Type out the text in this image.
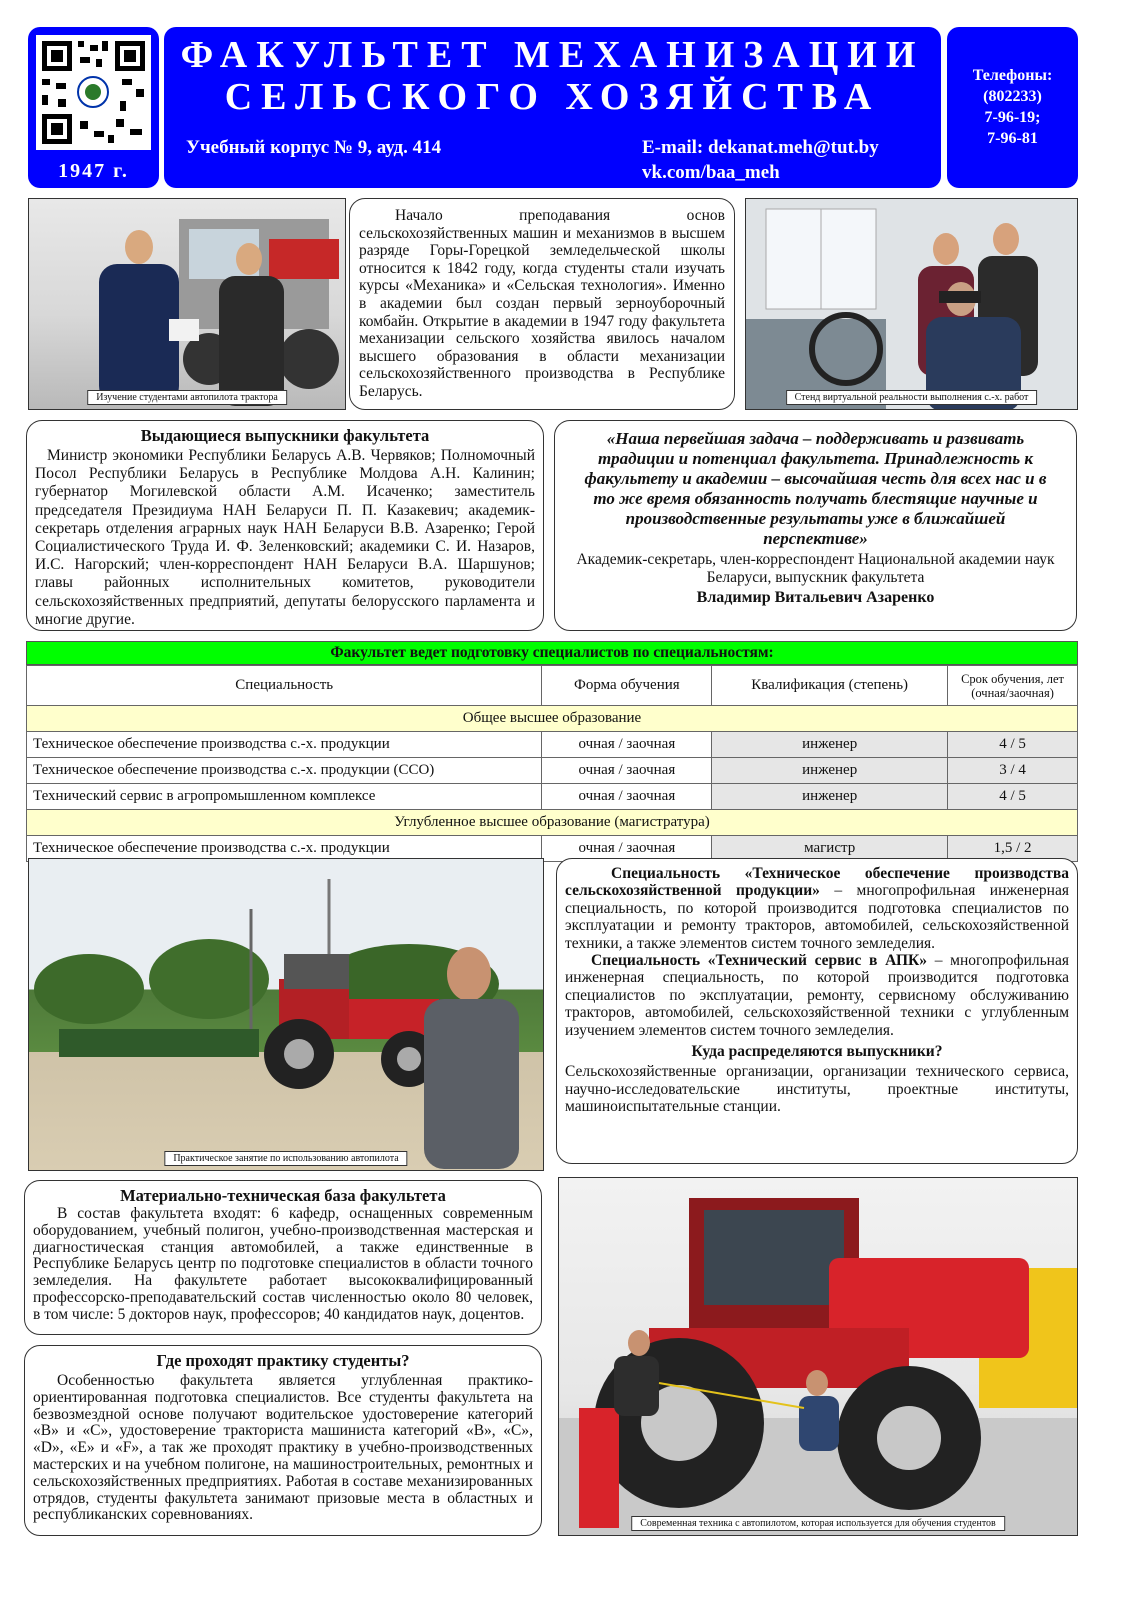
1947 г.
ФАКУЛЬТЕТ МЕХАНИЗАЦИИ
СЕЛЬСКОГО ХОЗЯЙСТВА
Учебный корпус № 9, ауд. 414	E-mail: dekanat.meh@tut.by
vk.com/baa_meh
Телефоны:
(802233)
7-96-19;
7-96-81
Изучение студентами автопилота трактора

Начало преподавания основ сельскохозяйственных машин и механизмов в высшем разряде Горы-Горецкой земледельческой школы относится к 1842 году, когда студенты стали изучать курсы «Механика» и «Сельская технология». Именно в академии был создан первый зерноуборочный комбайн. Открытие в академии в 1947 году факультета механизации сельского хозяйства явилось началом высшего образования в области механизации сельскохозяйственного производства в Республике Беларусь.	Стенд виртуальной реальности выполнения с.-х. работ
Выдающиеся выпускники факультета

Министр экономики Республики Беларусь А.В. Червяков; Полномочный Посол Республики Беларусь в Республике Молдова А.Н. Калинин; губернатор Могилевской области А.М. Исаченко; заместитель председателя Президиума НАН Беларуси П. П. Казакевич; академик-секретарь отделения аграрных наук НАН Беларуси В.В. Азаренко; Герой Социалистического Труда И. Ф. Зеленковский; академики С. И. Назаров, И.С. Нагорский; член-корреспондент НАН Беларуси В.А. Шаршунов; главы районных исполнительных комитетов, руководители сельскохозяйственных предприятий, депутаты белорусского парламента и многие другие.

«Наша первейшая задача – поддерживать и развивать традиции и потенциал факультета. Принадлежность к факультету и академии – высочайшая честь для всех нас и в то же время обязанность получать блестящие научные и производственные результаты уже в ближайшей перспективе»

Академик-секретарь, член-корреспондент Национальной академии наук Беларуси, выпускник факультета

Владимир Витальевич Азаренко

Факультет ведет подготовку специалистов по специальностям:
Специальность	Форма обучения	Квалификация (степень)	Срок обучения, лет (очная/заочная)
Общее высшее образование			
Техническое обеспечение производства с.-х. продукции	очная / заочная	инженер	4 / 5
Техническое обеспечение производства с.-х. продукции (ССО)	очная / заочная	инженер	3 / 4
Технический сервис в агропромышленном комплексе	очная / заочная	инженер	4 / 5
Углубленное высшее образование (магистратура)			
Техническое обеспечение производства с.-х. продукции	очная / заочная	магистр	1,5 / 2
Практическое занятие по использованию автопилота

Специальность «Техническое обеспечение производства сельскохозяйственной продукции» – многопрофильная инженерная специальность, по которой производится подготовка специалистов по эксплуатации и ремонту тракторов, автомобилей, сельскохозяйственной техники, а также элементов систем точного земледелия.

Специальность «Технический сервис в АПК» – многопрофильная инженерная специальность, по которой производится подготовка специалистов по эксплуатации, ремонту, сервисному обслуживанию тракторов, автомобилей, сельскохозяйственной техники с углубленным изучением элементов систем точного земледелия.

Куда распределяются выпускники?

Сельскохозяйственные организации, организации технического сервиса, научно-исследовательские институты, проектные институты, машиноиспытательные станции.

Материально-техническая база факультета

В состав факультета входят: 6 кафедр, оснащенных современным оборудованием, учебный полигон, учебно-производственная мастерская и диагностическая станция автомобилей, а также единственные в Республике Беларусь центр по подготовке специалистов в области точного земледелия. На факультете работает высококвалифицированный профессорско-преподавательский состав численностью около 80 человек, в том числе: 5 докторов наук, профессоров; 40 кандидатов наук, доцентов.

Где проходят практику студенты?

Особенностью факультета является углубленная практико-ориентированная подготовка специалистов. Все студенты факультета на безвозмездной основе получают водительское удостоверение категорий «B» и «C», удостоверение тракториста машиниста категорий «B», «C», «D», «E» и «F», а так же проходят практику в учебно-производственных мастерских и на учебном полигоне, на машиностроительных, ремонтных и сельскохозяйственных предприятиях. Работая в составе механизированных отрядов, студенты факультета занимают призовые места в областных и республиканских соревнованиях.

Современная техника с автопилотом, которая используется для обучения студентов
